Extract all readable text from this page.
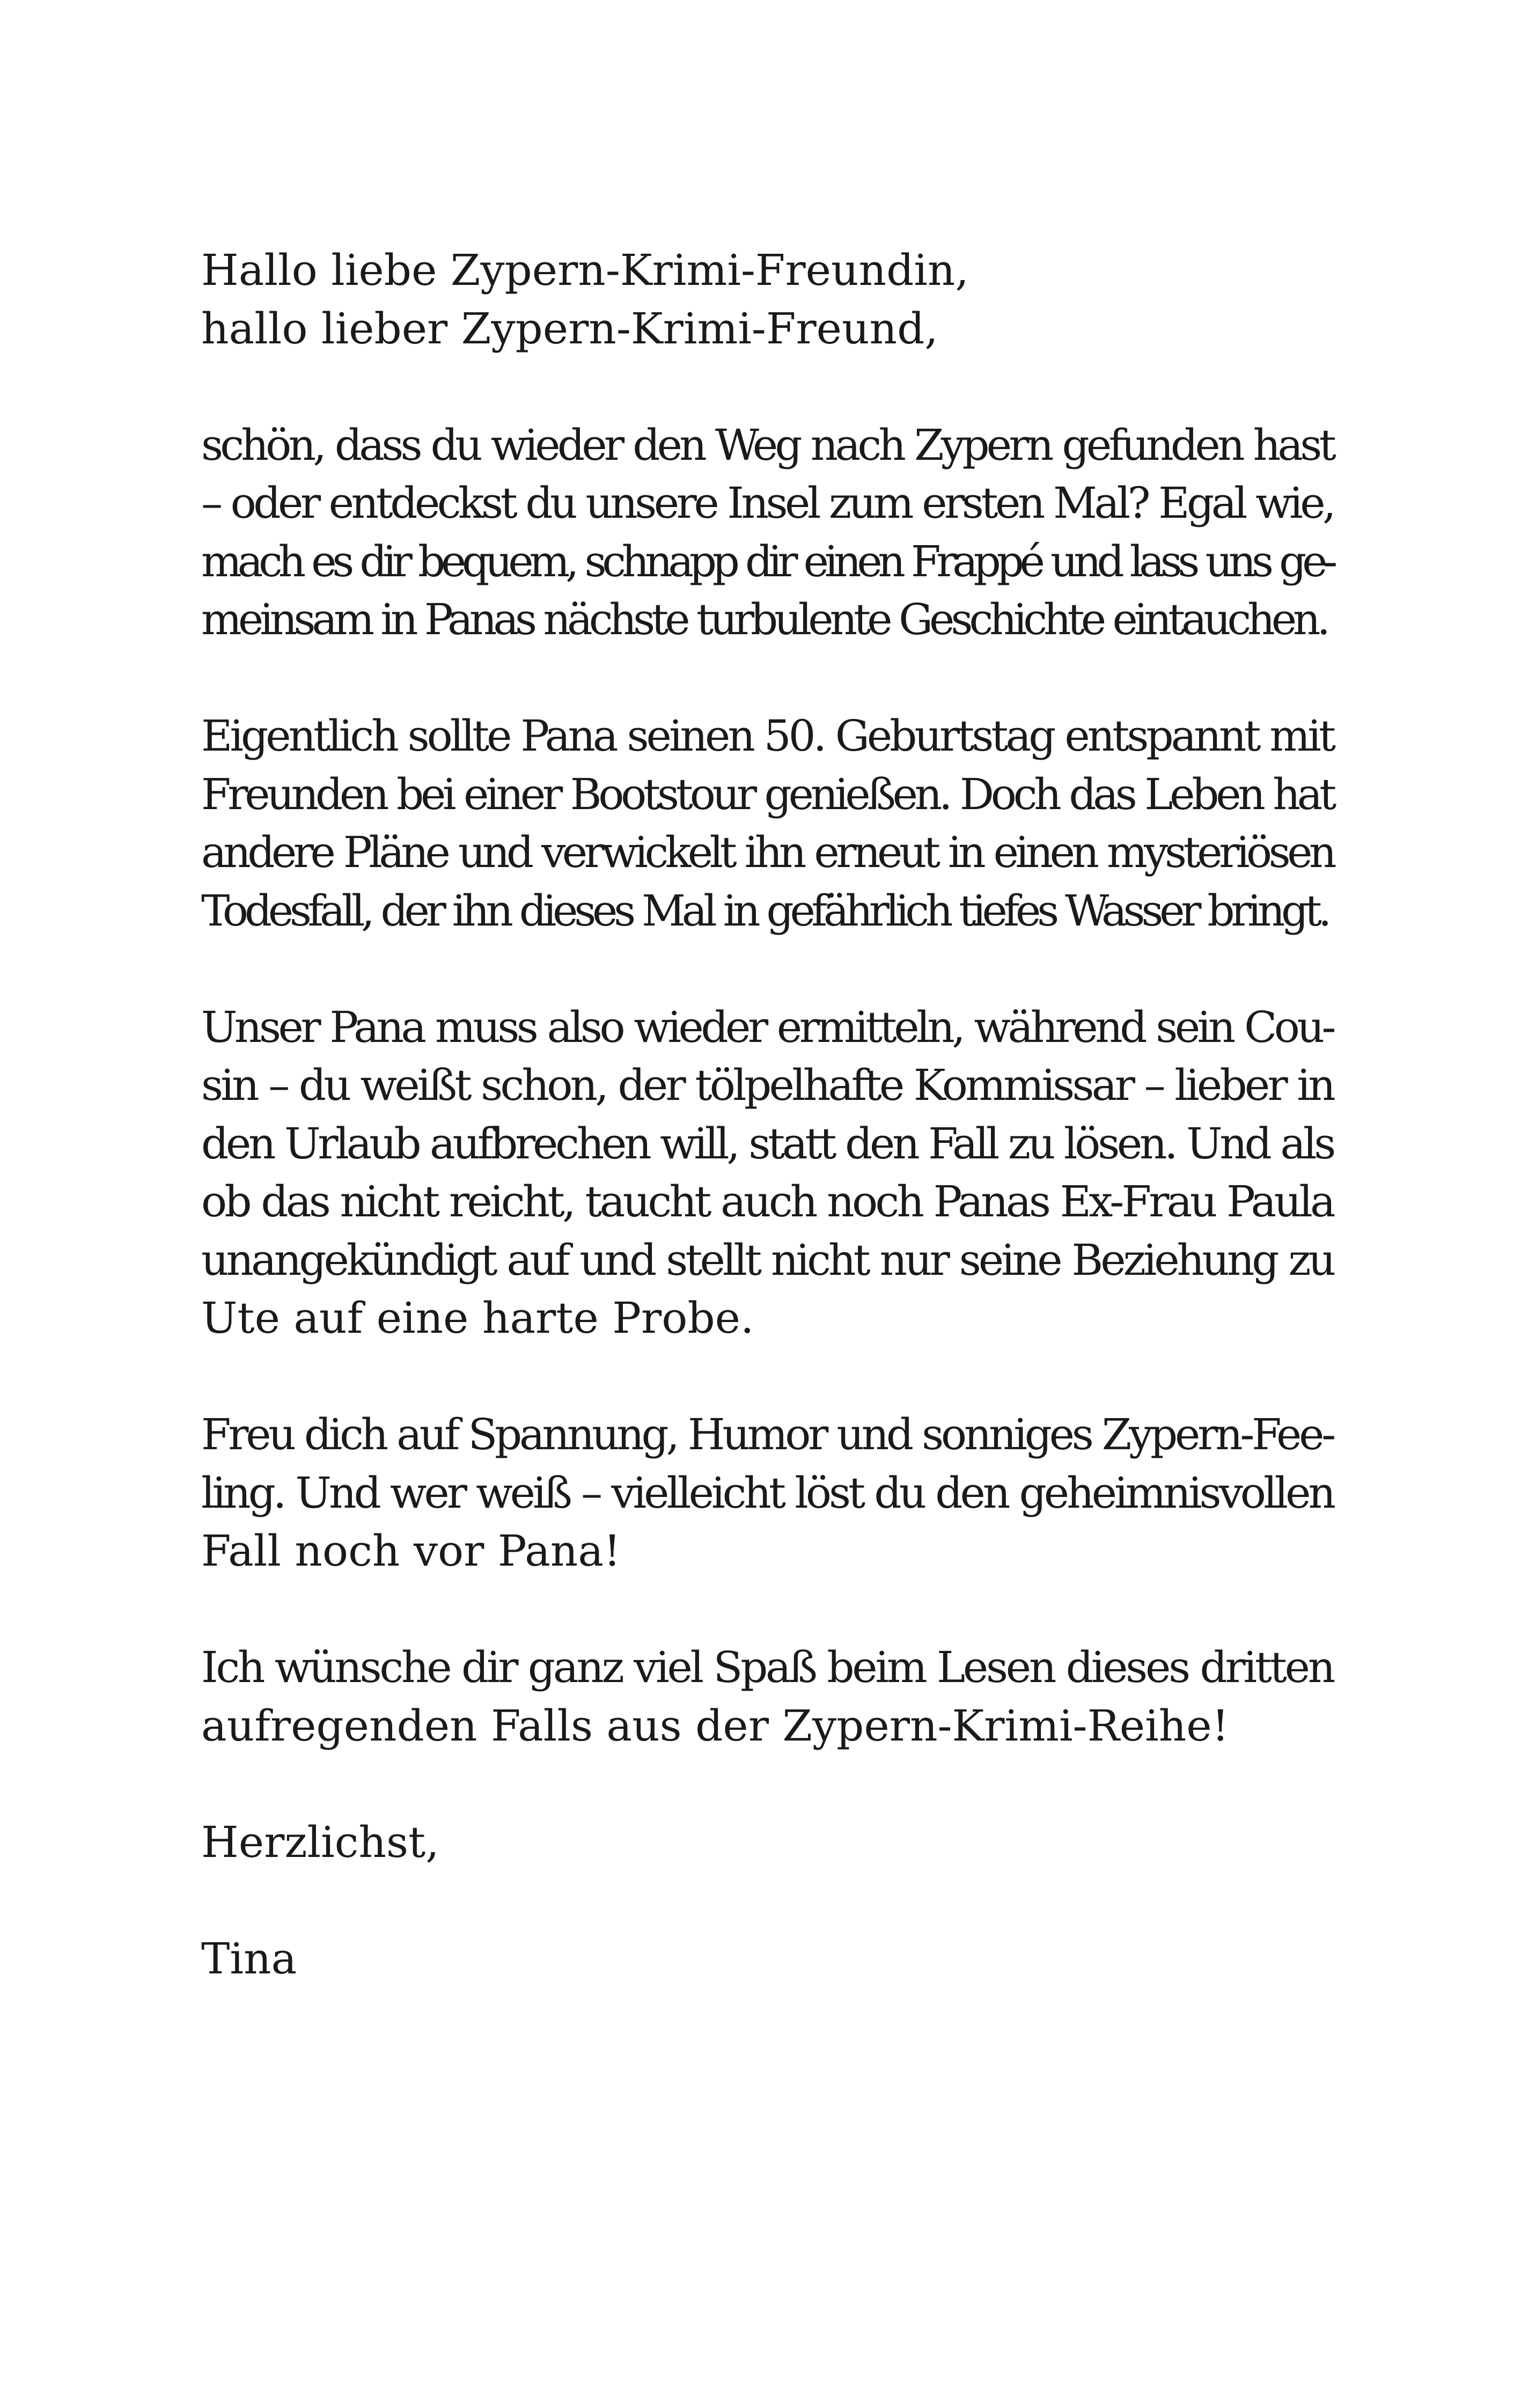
Hallo liebe Zypern-Krimi-Freundin,
hallo lieber Zypern-Krimi-Freund,
schön, dass du wieder den Weg nach Zypern gefunden hast
– oder entdeckst du unsere Insel zum ersten Mal? Egal wie,
mach es dir bequem, schnapp dir einen Frappé und lass uns ge-
meinsam in Panas nächste turbulente Geschichte eintauchen.
Eigentlich sollte Pana seinen 50. Geburtstag entspannt mit
Freunden bei einer Bootstour genießen. Doch das Leben hat
andere Pläne und verwickelt ihn erneut in einen mysteriösen
Todesfall, der ihn dieses Mal in gefährlich tiefes Wasser bringt.
Unser Pana muss also wieder ermitteln, während sein Cou-
sin – du weißt schon, der tölpelhafte Kommissar – lieber in
den Urlaub aufbrechen will, statt den Fall zu lösen. Und als
ob das nicht reicht, taucht auch noch Panas Ex-Frau Paula
unangekündigt auf und stellt nicht nur seine Beziehung zu
Ute auf eine harte Probe.
Freu dich auf Spannung, Humor und sonniges Zypern-Fee-
ling. Und wer weiß – vielleicht löst du den geheimnisvollen
Fall noch vor Pana!
Ich wünsche dir ganz viel Spaß beim Lesen dieses dritten
aufregenden Falls aus der Zypern-Krimi-Reihe!
Herzlichst,
Tina
